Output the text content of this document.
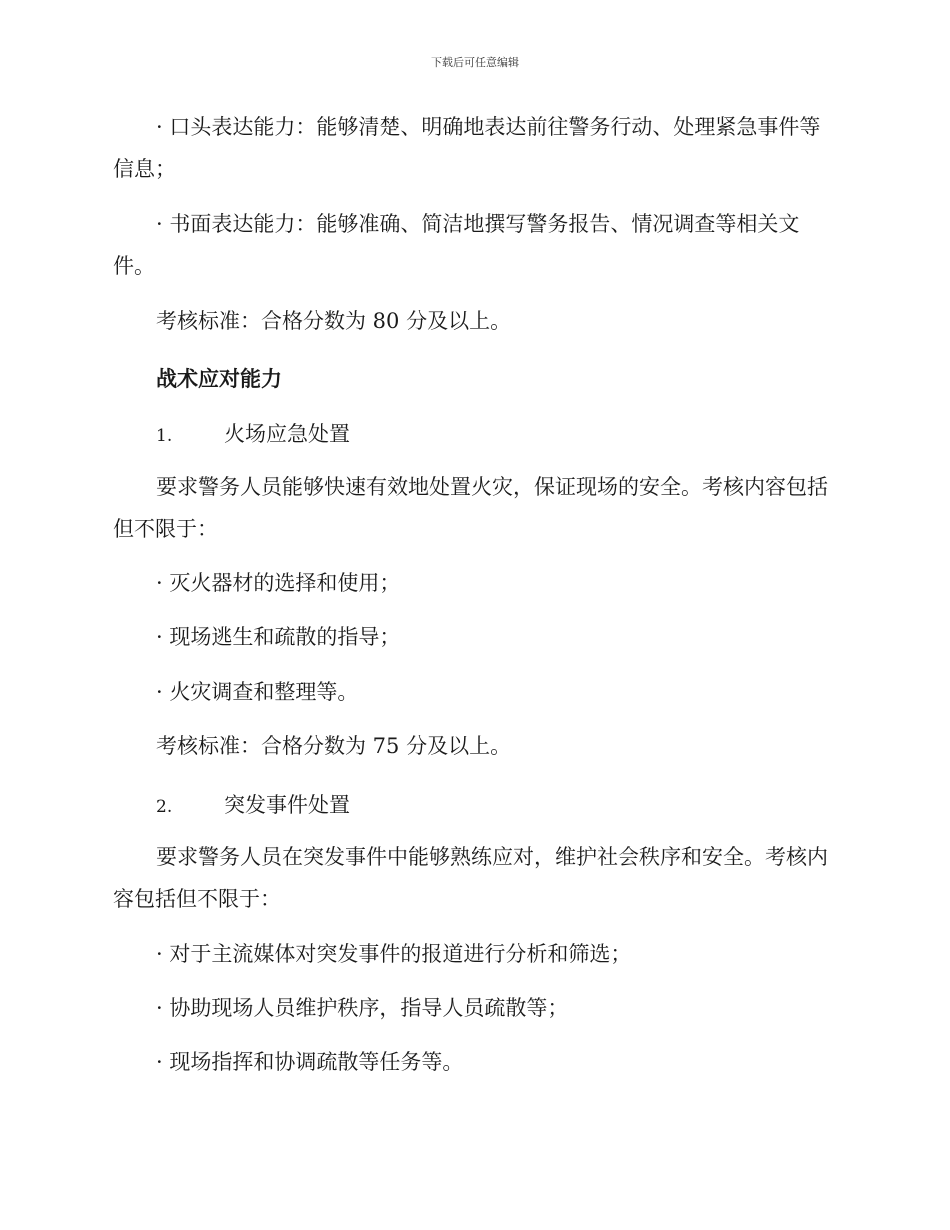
下载后可任意编辑

· 口头表达能力：能够清楚、明确地表达前往警务行动、处理紧急事件等信息；

· 书面表达能力：能够准确、简洁地撰写警务报告、情况调查等相关文件。

考核标准：合格分数为 80 分及以上。

战术应对能力
1. 火场应急处置

要求警务人员能够快速有效地处置火灾，保证现场的安全。考核内容包括但不限于：

· 灭火器材的选择和使用；

· 现场逃生和疏散的指导；

· 火灾调查和整理等。

考核标准：合格分数为 75 分及以上。

2. 突发事件处置

要求警务人员在突发事件中能够熟练应对，维护社会秩序和安全。考核内容包括但不限于：

· 对于主流媒体对突发事件的报道进行分析和筛选；

· 协助现场人员维护秩序，指导人员疏散等；

· 现场指挥和协调疏散等任务等。
